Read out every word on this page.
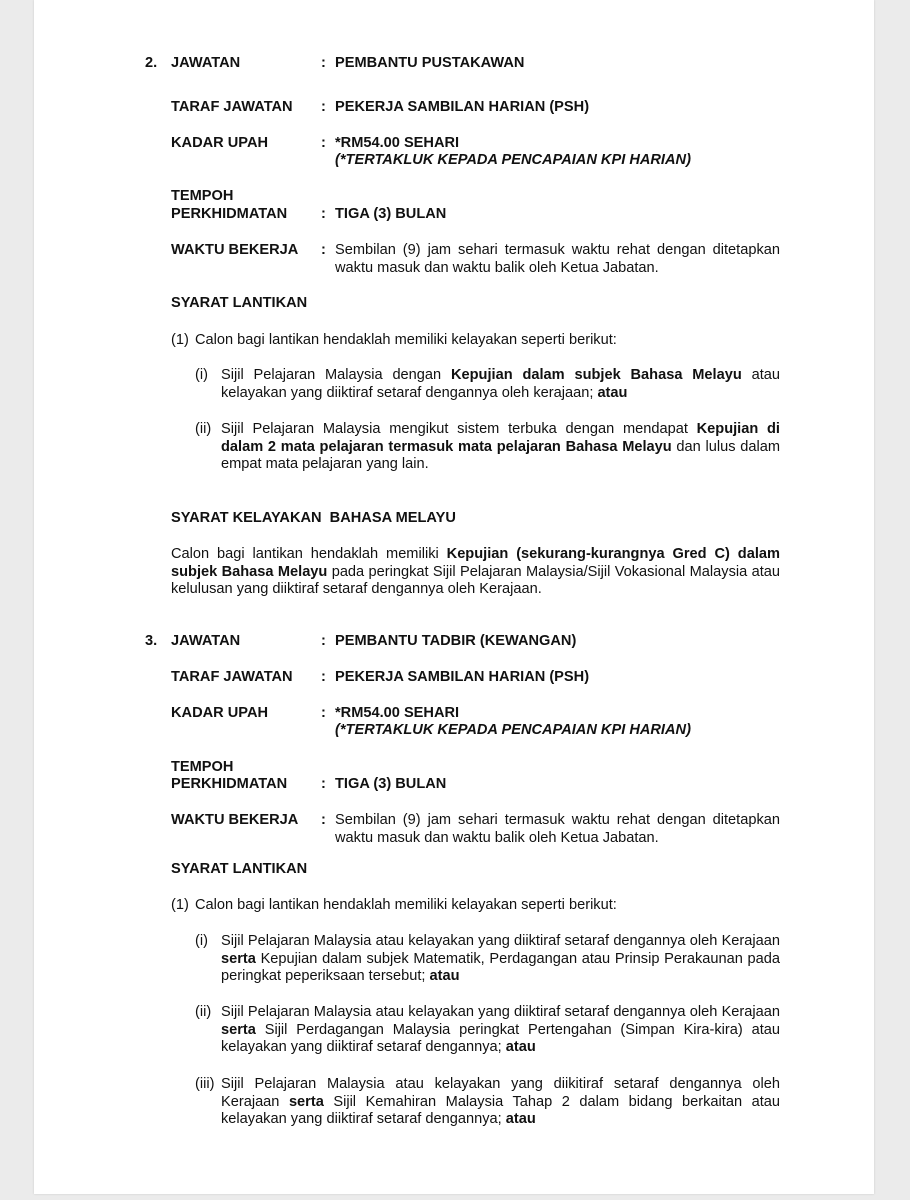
2. JAWATAN	: PEMBANTU PUSTAKAWAN

TARAF JAWATAN : PEKERJA SAMBILAN HARIAN (PSH)

KADAR UPAH	: *RM54.00 SEHARI

(*TERTAKLUK KEPADA PENCAPAIAN KPI HARIAN)

TEMPOH

PERKHIDMATAN : TIGA (3) BULAN

WAKTU BEKERJA : Sembilan (9) jam sehari termasuk waktu rehat dengan ditetapkan waktu masuk dan waktu balik oleh Ketua Jabatan.

SYARAT LANTIKAN

(1) Calon bagi lantikan hendaklah memiliki kelayakan seperti berikut:

(i) Sijil Pelajaran Malaysia dengan Kepujian dalam subjek Bahasa Melayu atau kelayakan yang diiktiraf setaraf dengannya oleh kerajaan; atau

(ii) Sijil Pelajaran Malaysia mengikut sistem terbuka dengan mendapat Kepujian di dalam 2 mata pelajaran termasuk mata pelajaran Bahasa Melayu dan lulus dalam empat mata pelajaran yang lain.

SYARAT KELAYAKAN  BAHASA MELAYU

Calon bagi lantikan hendaklah memiliki Kepujian (sekurang-kurangnya Gred C) dalam subjek Bahasa Melayu pada peringkat Sijil Pelajaran Malaysia/Sijil Vokasional Malaysia atau kelulusan yang diiktiraf setaraf dengannya oleh Kerajaan.

3. JAWATAN	: PEMBANTU TADBIR (KEWANGAN)

TARAF JAWATAN : PEKERJA SAMBILAN HARIAN (PSH)

KADAR UPAH	: *RM54.00 SEHARI

(*TERTAKLUK KEPADA PENCAPAIAN KPI HARIAN)

TEMPOH

PERKHIDMATAN : TIGA (3) BULAN

WAKTU BEKERJA : Sembilan (9) jam sehari termasuk waktu rehat dengan ditetapkan waktu masuk dan waktu balik oleh Ketua Jabatan.

SYARAT LANTIKAN

(1) Calon bagi lantikan hendaklah memiliki kelayakan seperti berikut:

(i) Sijil Pelajaran Malaysia atau kelayakan yang diiktiraf setaraf dengannya oleh Kerajaan serta Kepujian dalam subjek Matematik, Perdagangan atau Prinsip Perakaunan pada peringkat peperiksaan tersebut; atau

(ii) Sijil Pelajaran Malaysia atau kelayakan yang diiktiraf setaraf dengannya oleh Kerajaan serta Sijil Perdagangan Malaysia peringkat Pertengahan (Simpan Kira-kira) atau kelayakan yang diiktiraf setaraf dengannya; atau

(iii) Sijil Pelajaran Malaysia atau kelayakan yang diikitiraf setaraf dengannya oleh Kerajaan serta Sijil Kemahiran Malaysia Tahap 2 dalam bidang berkaitan atau kelayakan yang diiktiraf setaraf dengannya; atau
